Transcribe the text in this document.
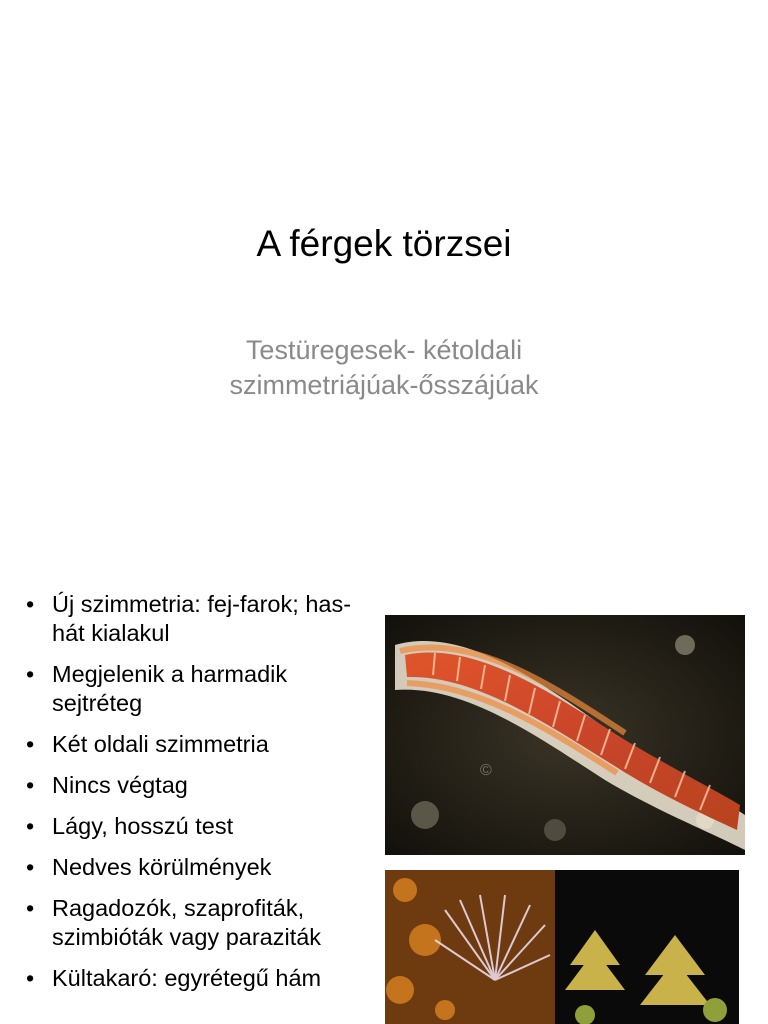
A férgek törzsei
Testüregesek- kétoldali
szimmetriájúak-ősszájúak
• Új szimmetria: fej-farok; has-hát kialakul
• Megjelenik a harmadik sejtréteg
• Két oldali szimmetria
• Nincs végtag
• Lágy, hosszú test
• Nedves körülmények
• Ragadozók, szaprofiták, szimbióták vagy paraziták
• Kültakaró: egyrétegű hám
©
